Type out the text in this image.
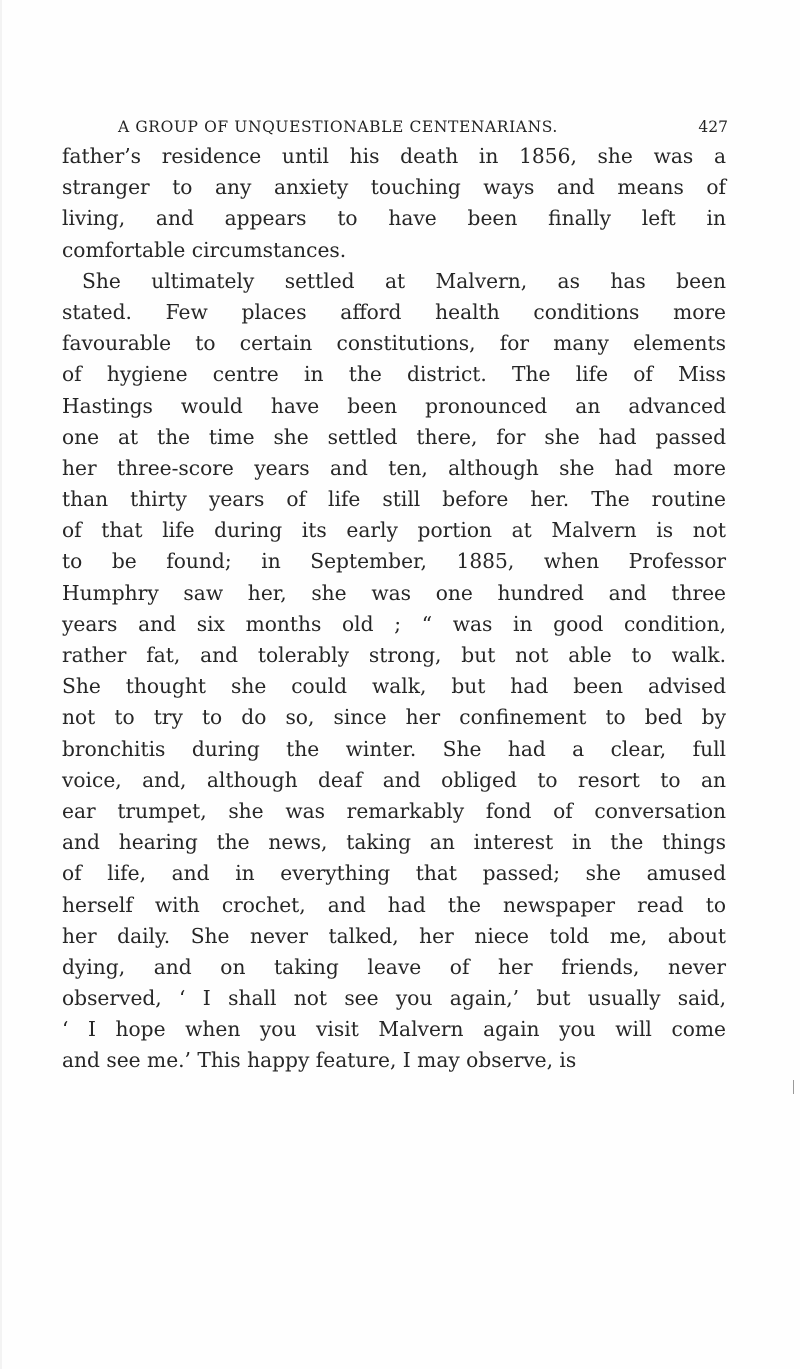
A GROUP OF UNQUESTIONABLE CENTENARIANS.	427
father’s residence until his death in 1856, she was a
stranger to any anxiety touching ways and means of
living, and appears to have been finally left in
comfortable circumstances.
She ultimately settled at Malvern, as has been
stated. Few places afford health conditions more
favourable to certain constitutions, for many elements
of hygiene centre in the district. The life of Miss
Hastings would have been pronounced an advanced
one at the time she settled there, for she had passed
her three-score years and ten, although she had more
than thirty years of life still before her. The routine
of that life during its early portion at Malvern is not
to be found; in September, 1885, when Professor
Humphry saw her, she was one hundred and three
years and six months old ; “ was in good condition,
rather fat, and tolerably strong, but not able to walk.
She thought she could walk, but had been advised
not to try to do so, since her confinement to bed by
bronchitis during the winter. She had a clear, full
voice, and, although deaf and obliged to resort to an
ear trumpet, she was remarkably fond of conversation
and hearing the news, taking an interest in the things
of life, and in everything that passed; she amused
herself with crochet, and had the newspaper read to
her daily. She never talked, her niece told me, about
dying, and on taking leave of her friends, never
observed, ‘ I shall not see you again,’ but usually said,
‘ I hope when you visit Malvern again you will come
and see me.’ This happy feature, I may observe, is
